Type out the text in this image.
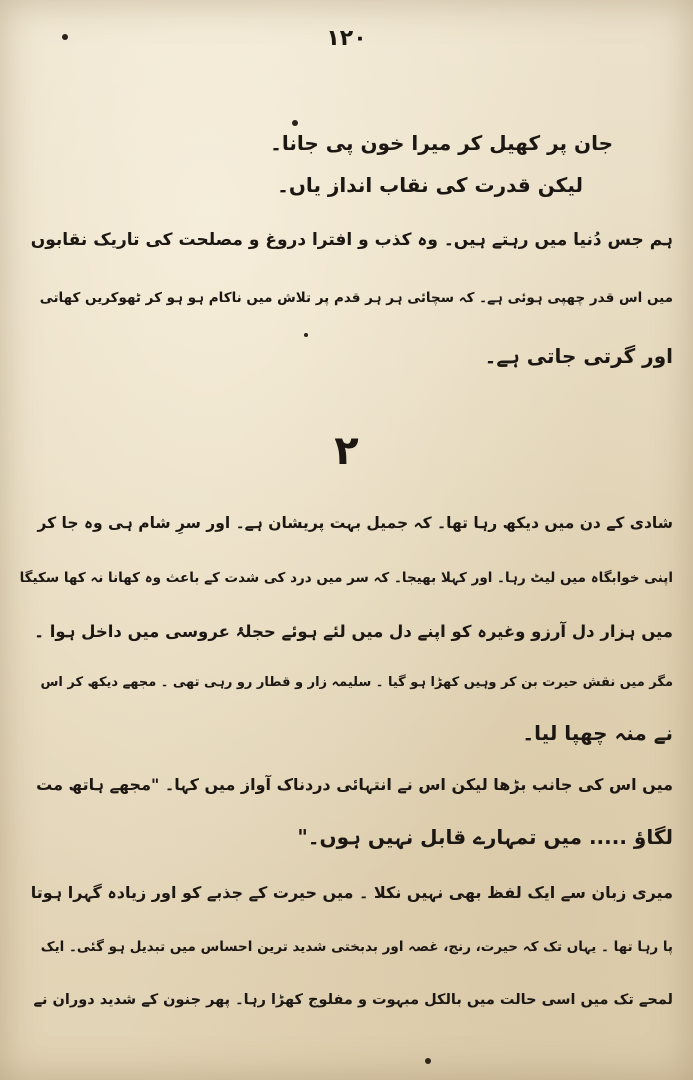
۱۲۰
جان پر کھیل کر میرا خون پی جانا۔
لیکن قدرت کی نقاب انداز یاں۔
ہم جس دُنیا میں رہتے ہیں۔ وہ کذب و افترا دروغ و مصلحت کی تاریک نقابوں
میں اس قدر چھپی ہوئی ہے۔ کہ سچائی ہر ہر قدم پر تلاش میں ناکام ہو ہو کر ٹھوکریں کھاتی
اور گرتی جاتی ہے۔
۲
شادی کے دن میں دیکھ رہا تھا۔ کہ جمیل بہت پریشان ہے۔ اور سرِ شام ہی وہ جا کر
اپنی خوابگاہ میں لیٹ رہا۔ اور کہلا بھیجا۔ کہ سر میں درد کی شدت کے باعث وہ کھانا نہ کھا سکیگا
میں ہزار دل آرزو وغیرہ کو اپنے دل میں لئے ہوئے حجلۂ عروسی میں داخل ہوا ۔
مگر میں نقش حیرت بن کر وہیں کھڑا ہو گیا ۔ سلیمہ زار و قطار رو رہی تھی ۔ مجھے دیکھ کر اس
نے منہ چھپا لیا۔
میں اس کی جانب بڑھا لیکن اس نے انتہائی دردناک آواز میں کہا۔ "مجھے ہاتھ مت
لگاؤ ..... میں تمہارے قابل نہیں ہوں۔"
میری زبان سے ایک لفظ بھی نہیں نکلا ۔ میں حیرت کے جذبے کو اور زیادہ گہرا ہوتا
پا رہا تھا ۔ یہاں تک کہ حیرت، رنج، غصہ اور بدبختی شدید ترین احساس میں تبدیل ہو گئی۔ ایک
لمحے تک میں اسی حالت میں بالکل مبہوت و مفلوج کھڑا رہا۔ پھر جنون کے شدید دوران نے
